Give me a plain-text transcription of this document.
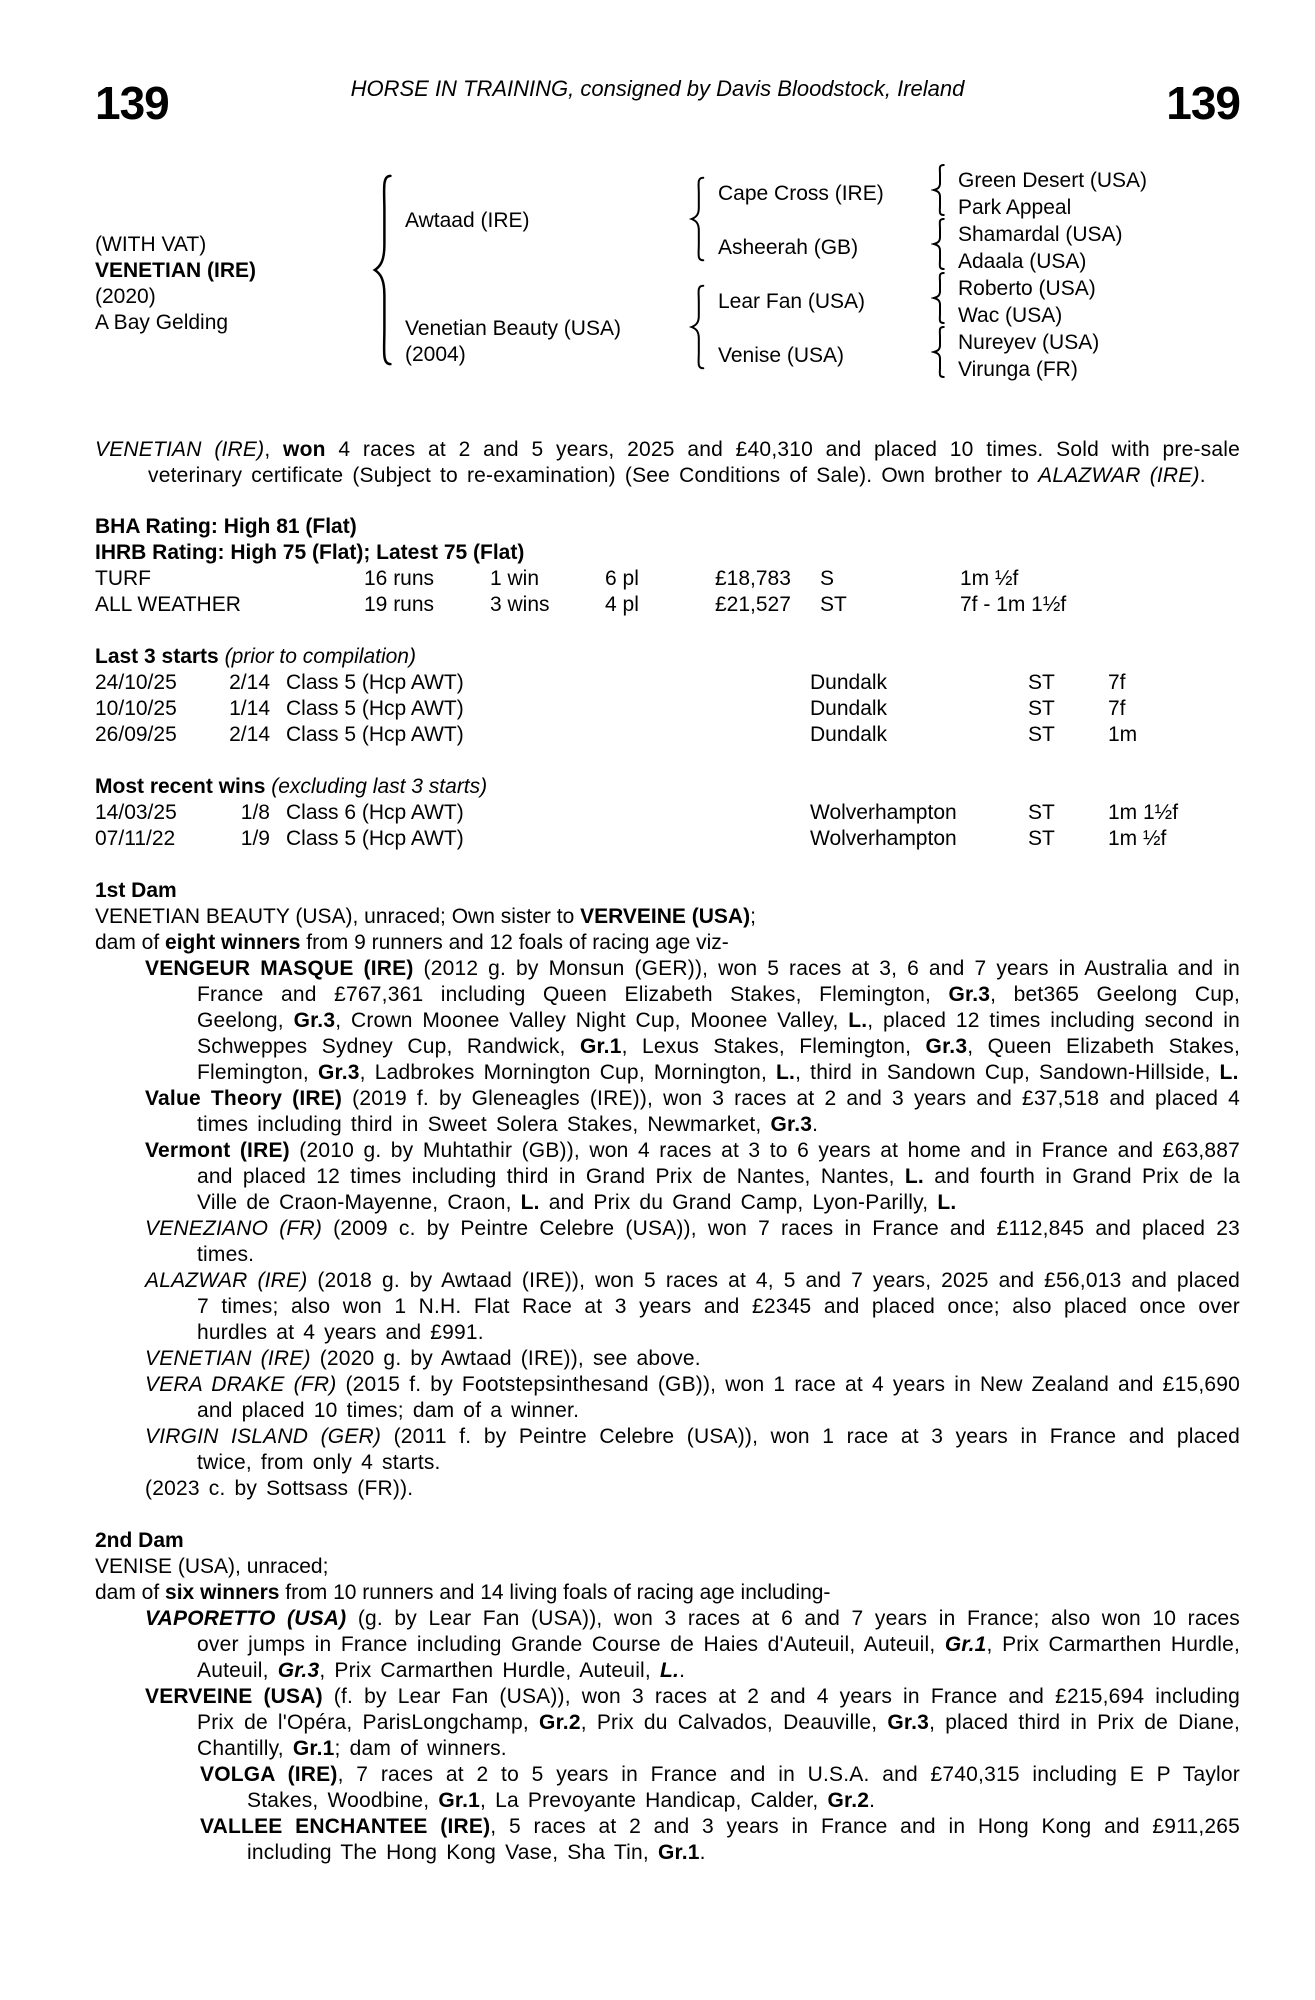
HORSE IN TRAINING, consigned by Davis Bloodstock, Ireland
139	139
(WITH VAT)
VENETIAN (IRE)
(2020)
A Bay Gelding
Awtaad (IRE)
Venetian Beauty (USA)
(2004)
Cape Cross (IRE)
Asheerah (GB)
Lear Fan (USA)
Venise (USA)
Green Desert (USA)
Park Appeal
Shamardal (USA)
Adaala (USA)
Roberto (USA)
Wac (USA)
Nureyev (USA)
Virunga (FR)

VENETIAN (IRE), won 4 races at 2 and 5 years, 2025 and £40,310 and placed 10 times. Sold with pre-sale veterinary certificate (Subject to re-examination) (See Conditions of Sale). Own brother to ALAZWAR (IRE).

BHA Rating: High 81 (Flat)

IHRB Rating: High 75 (Flat); Latest 75 (Flat)

TURF	16 runs	1 win	6 pl	£18,783 S	1m ½f
ALL WEATHER	19 runs	3 wins	4 pl	£21,527 ST	7f - 1m 1½f

Last 3 starts (prior to compilation)

24/10/25	2/14 Class 5 (Hcp AWT)	Dundalk	ST	7f
10/10/25	1/14 Class 5 (Hcp AWT)	Dundalk	ST	7f
26/09/25	2/14 Class 5 (Hcp AWT)	Dundalk	ST	1m

Most recent wins (excluding last 3 starts)

14/03/25	1/8 Class 6 (Hcp AWT)	Wolverhampton	ST	1m 1½f
07/11/22	1/9 Class 5 (Hcp AWT)	Wolverhampton	ST	1m ½f

1st Dam

VENETIAN BEAUTY (USA), unraced; Own sister to VERVEINE (USA);

dam of eight winners from 9 runners and 12 foals of racing age viz-

VENGEUR MASQUE (IRE) (2012 g. by Monsun (GER)), won 5 races at 3, 6 and 7 years in Australia and in France and £767,361 including Queen Elizabeth Stakes, Flemington, Gr.3, bet365 Geelong Cup, Geelong, Gr.3, Crown Moonee Valley Night Cup, Moonee Valley, L., placed 12 times including second in Schweppes Sydney Cup, Randwick, Gr.1, Lexus Stakes, Flemington, Gr.3, Queen Elizabeth Stakes, Flemington, Gr.3, Ladbrokes Mornington Cup, Mornington, L., third in Sandown Cup, Sandown-Hillside, L.

Value Theory (IRE) (2019 f. by Gleneagles (IRE)), won 3 races at 2 and 3 years and £37,518 and placed 4 times including third in Sweet Solera Stakes, Newmarket, Gr.3.

Vermont (IRE) (2010 g. by Muhtathir (GB)), won 4 races at 3 to 6 years at home and in France and £63,887 and placed 12 times including third in Grand Prix de Nantes, Nantes, L. and fourth in Grand Prix de la Ville de Craon-Mayenne, Craon, L. and Prix du Grand Camp, Lyon-Parilly, L.

VENEZIANO (FR) (2009 c. by Peintre Celebre (USA)), won 7 races in France and £112,845 and placed 23 times.

ALAZWAR (IRE) (2018 g. by Awtaad (IRE)), won 5 races at 4, 5 and 7 years, 2025 and £56,013 and placed 7 times; also won 1 N.H. Flat Race at 3 years and £2345 and placed once; also placed once over hurdles at 4 years and £991.

VENETIAN (IRE) (2020 g. by Awtaad (IRE)), see above.

VERA DRAKE (FR) (2015 f. by Footstepsinthesand (GB)), won 1 race at 4 years in New Zealand and £15,690 and placed 10 times; dam of a winner.

VIRGIN ISLAND (GER) (2011 f. by Peintre Celebre (USA)), won 1 race at 3 years in France and placed twice, from only 4 starts.

(2023 c. by Sottsass (FR)).

2nd Dam

VENISE (USA), unraced;

dam of six winners from 10 runners and 14 living foals of racing age including-

VAPORETTO (USA) (g. by Lear Fan (USA)), won 3 races at 6 and 7 years in France; also won 10 races over jumps in France including Grande Course de Haies d'Auteuil, Auteuil, Gr.1, Prix Carmarthen Hurdle, Auteuil, Gr.3, Prix Carmarthen Hurdle, Auteuil, L..

VERVEINE (USA) (f. by Lear Fan (USA)), won 3 races at 2 and 4 years in France and £215,694 including Prix de l'Opéra, ParisLongchamp, Gr.2, Prix du Calvados, Deauville, Gr.3, placed third in Prix de Diane, Chantilly, Gr.1; dam of winners.

VOLGA (IRE), 7 races at 2 to 5 years in France and in U.S.A. and £740,315 including E P Taylor Stakes, Woodbine, Gr.1, La Prevoyante Handicap, Calder, Gr.2.

VALLEE ENCHANTEE (IRE), 5 races at 2 and 3 years in France and in Hong Kong and £911,265 including The Hong Kong Vase, Sha Tin, Gr.1.
